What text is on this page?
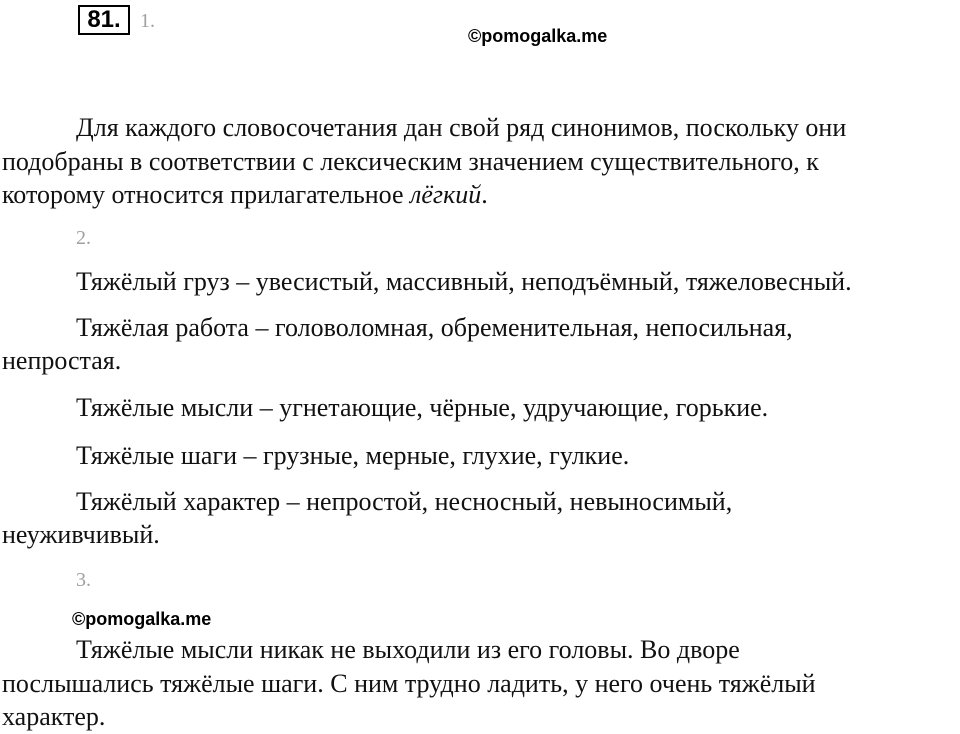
81. 1.
©pomogalka.me
Для каждого словосочетания дан свой ряд синонимов, поскольку они
подобраны в соответствии с лексическим значением существительного, к
которому относится прилагательное лёгкий.
2.
Тяжёлый груз – увесистый, массивный, неподъёмный, тяжеловесный.
Тяжёлая работа – головоломная, обременительная, непосильная,
непростая.
Тяжёлые мысли – угнетающие, чёрные, удручающие, горькие.
Тяжёлые шаги – грузные, мерные, глухие, гулкие.
Тяжёлый характер – непростой, несносный, невыносимый,
неуживчивый.
3.
©pomogalka.me
Тяжёлые мысли никак не выходили из его головы. Во дворе
послышались тяжёлые шаги. С ним трудно ладить, у него очень тяжёлый
характер.
